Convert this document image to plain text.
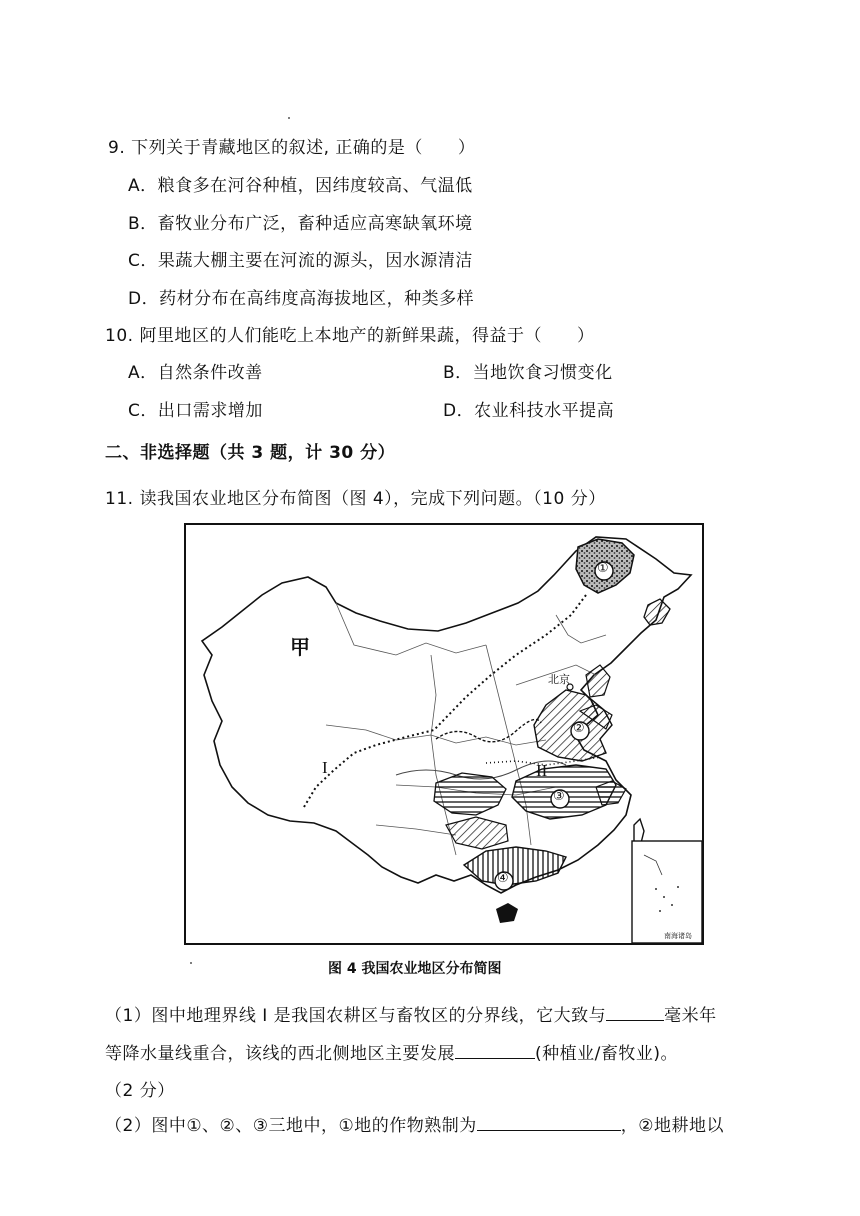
9. 下列关于青藏地区的叙述, 正确的是（　　）
A．粮食多在河谷种植，因纬度较高、气温低
B．畜牧业分布广泛，畜种适应高寒缺氧环境
C．果蔬大棚主要在河流的源头，因水源清洁
D．药材分布在高纬度高海拔地区，种类多样
10. 阿里地区的人们能吃上本地产的新鲜果蔬，得益于（　　）
A．自然条件改善	B．当地饮食习惯变化
C．出口需求增加	D．农业科技水平提高
二、非选择题（共 3 题，计 30 分）
11. 读我国农业地区分布简图（图 4），完成下列问题。（10 分）
甲
I	II
北京
①
②
③
④
南海诸岛
图 4 我国农业地区分布简图
（1）图中地理界线 I 是我国农耕区与畜牧区的分界线，它大致与	毫米年
等降水量线重合，该线的西北侧地区主要发展	(种植业/畜牧业)。
（2 分）
（2）图中①、②、③三地中，①地的作物熟制为	，②地耕地以
